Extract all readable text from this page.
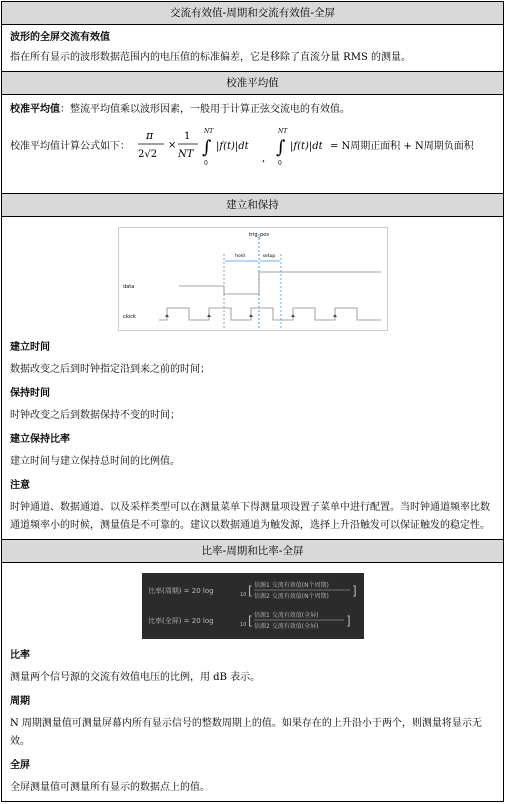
交流有效值-周期和交流有效值-全屏
波形的全屏交流有效值

指在所有显示的波形数据范围内的电压值的标准偏差，它是移除了直流分量 RMS 的测量。

校准平均值
校准平均值：整流平均值乘以波形因素，一般用于计算正弦交流电的有效值。
校准平均值计算公式如下：
π
2√2
×
1
NT
NT
∫
0
|f(t)|dt
,
NT
∫
0
|f(t)|dt = N周期正面积 + N周期负面积
建立和保持
trig_pos
hold	setup
data
clock
建立时间

数据改变之后到时钟指定沿到来之前的时间；

保持时间

时钟改变之后到数据保持不变的时间；

建立保持比率

建立时间与建立保持总时间的比例值。

注意

时钟通道、数据通道、以及采样类型可以在测量菜单下得测量项设置子菜单中进行配置。当时钟通道频率比数通道频率小的时候，测量值是不可靠的。建议以数据通道为触发源，选择上升沿触发可以保证触发的稳定性。

比率-周期和比率-全屏
比率(周期) = 20 log	10 [ 信源1 交流有效值(N个周期)
信源2 交流有效值(N个周期) ]
比率(全屏) = 20 log	10 [ 信源1 交流有效值(全屏)
信源2 交流有效值(全屏) ]
比率

测量两个信号源的交流有效值电压的比例，用 dB 表示。

周期

N 周期测量值可测量屏幕内所有显示信号的整数周期上的值。如果存在的上升沿小于两个，则测量将显示无效。

全屏

全屏测量值可测量所有显示的数据点上的值。
